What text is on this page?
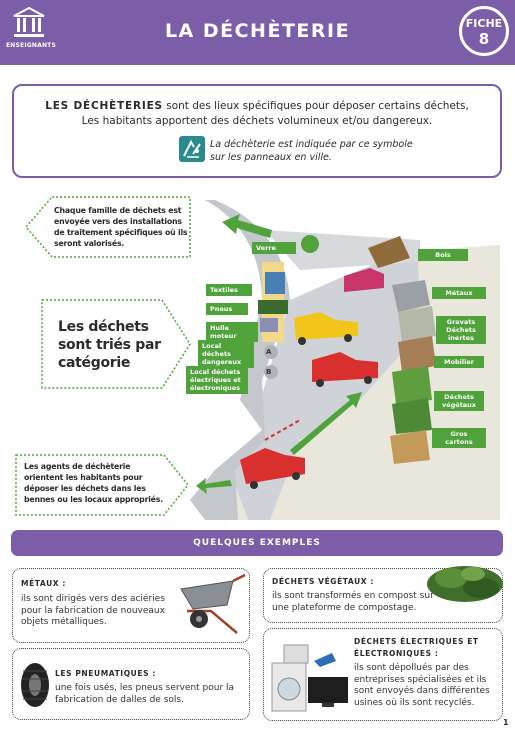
ENSEIGNANTS
LA DÉCHÈTERIE	FICHE
8
LES DÉCHÈTERIES sont des lieux spécifiques pour déposer certains déchets,
Les habitants apportent des déchets volumineux et/ou dangereux.
La déchèterie est indiquée par ce symbole
sur les panneaux en ville.
Chaque famille de déchets est envoyée vers des installations de traitement spécifiques où ils seront valorisés.
Les déchets sont triés par catégorie
Les agents de déchèterie orientent les habitants pour déposer les déchets dans les bennes ou les locaux appropriés.
Verre
Textiles
Pneus
Huile moteur
Local déchets dangereux
Local déchets électriques et électroniques
Bois
Métaux
Gravats Déchets inertes
Mobilier
Déchets végétaux
Gros cartons
A
B
QUELQUES EXEMPLES
MÉTAUX :
ils sont dirigés vers des aciéries pour la fabrication de nouveaux objets métalliques.
DÉCHETS VÉGÉTAUX :
ils sont transformés en compost sur une plateforme de compostage.
LES PNEUMATIQUES :
une fois usés, les pneus servent pour la fabrication de dalles de sols.
DÉCHETS ÉLECTRIQUES ET
ÉLECTRONIQUES :
ils sont dépollués par des entreprises spécialisées et ils sont envoyés dans différentes usines où ils sont recyclés.
1
